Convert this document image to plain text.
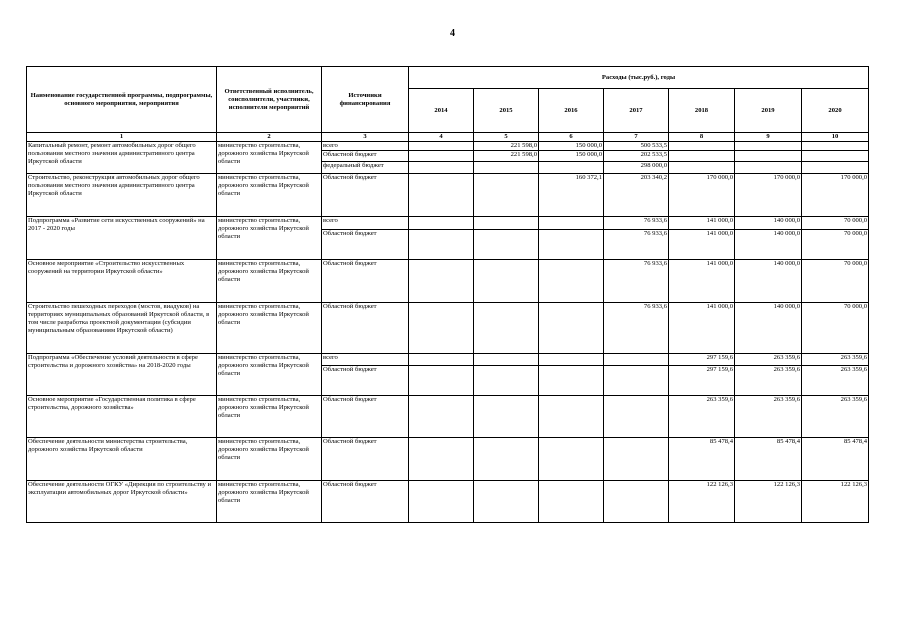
4
Наименование государственной программы, подпрограммы, основного мероприятия, мероприятия	Ответственный исполнитель, соисполнители, участники, исполнители мероприятий	Источники финансирования	Расходы (тыс.руб.), годы						
			2014	2015	2016	2017	2018	2019	2020
1	2	3	4	5	6	7	8	9	10
Капитальный ремонт, ремонт автомобильных дорог общего пользования местного значения административного центра Иркутской области	министерство строительства, дорожного хозяйства Иркутской области	всего		221 598,0	150 000,0	500 533,5			
		Областной бюджет		221 598,0	150 000,0	202 533,5			
		федеральный бюджет				298 000,0			
Строительство, реконструкция автомобильных дорог общего пользования местного значения административного центра Иркутской области	министерство строительства, дорожного хозяйства Иркутской области	Областной бюджет			160 372,1	203 340,2	170 000,0	170 000,0	170 000,0
Подпрограмма «Развитие сети искусственных сооружений» на 2017 - 2020 годы	министерство строительства, дорожного хозяйства Иркутской области	всего				76 933,6	141 000,0	140 000,0	70 000,0
		Областной бюджет				76 933,6	141 000,0	140 000,0	70 000,0
Основное мероприятие «Строительство искусственных сооружений на территории Иркутской области»	министерство строительства, дорожного хозяйства Иркутской области	Областной бюджет				76 933,6	141 000,0	140 000,0	70 000,0
Строительство пешеходных переходов (мостов, виадуков) на территориях муниципальных образований Иркутской области, в том числе разработка проектной документации (субсидии муниципальным образованиям Иркутской области)	министерство строительства, дорожного хозяйства Иркутской области	Областной бюджет				76 933,6	141 000,0	140 000,0	70 000,0
Подпрограмма «Обеспечение условий деятельности в сфере строительства и дорожного хозяйства» на 2018-2020 годы	министерство строительства, дорожного хозяйства Иркутской области	всего					297 159,6	263 359,6	263 359,6
		Областной бюджет					297 159,6	263 359,6	263 359,6
Основное мероприятие «Государственная политика в сфере строительства, дорожного хозяйства»	министерство строительства, дорожного хозяйства Иркутской области	Областной бюджет					263 359,6	263 359,6	263 359,6
Обеспечение деятельности министерства строительства, дорожного хозяйства Иркутской области	министерство строительства, дорожного хозяйства Иркутской области	Областной бюджет					85 478,4	85 478,4	85 478,4
Обеспечение деятельности ОГКУ «Дирекция по строительству и эксплуатации автомобильных дорог Иркутской области»	министерство строительства, дорожного хозяйства Иркутской области	Областной бюджет					122 126,3	122 126,3	122 126,3
